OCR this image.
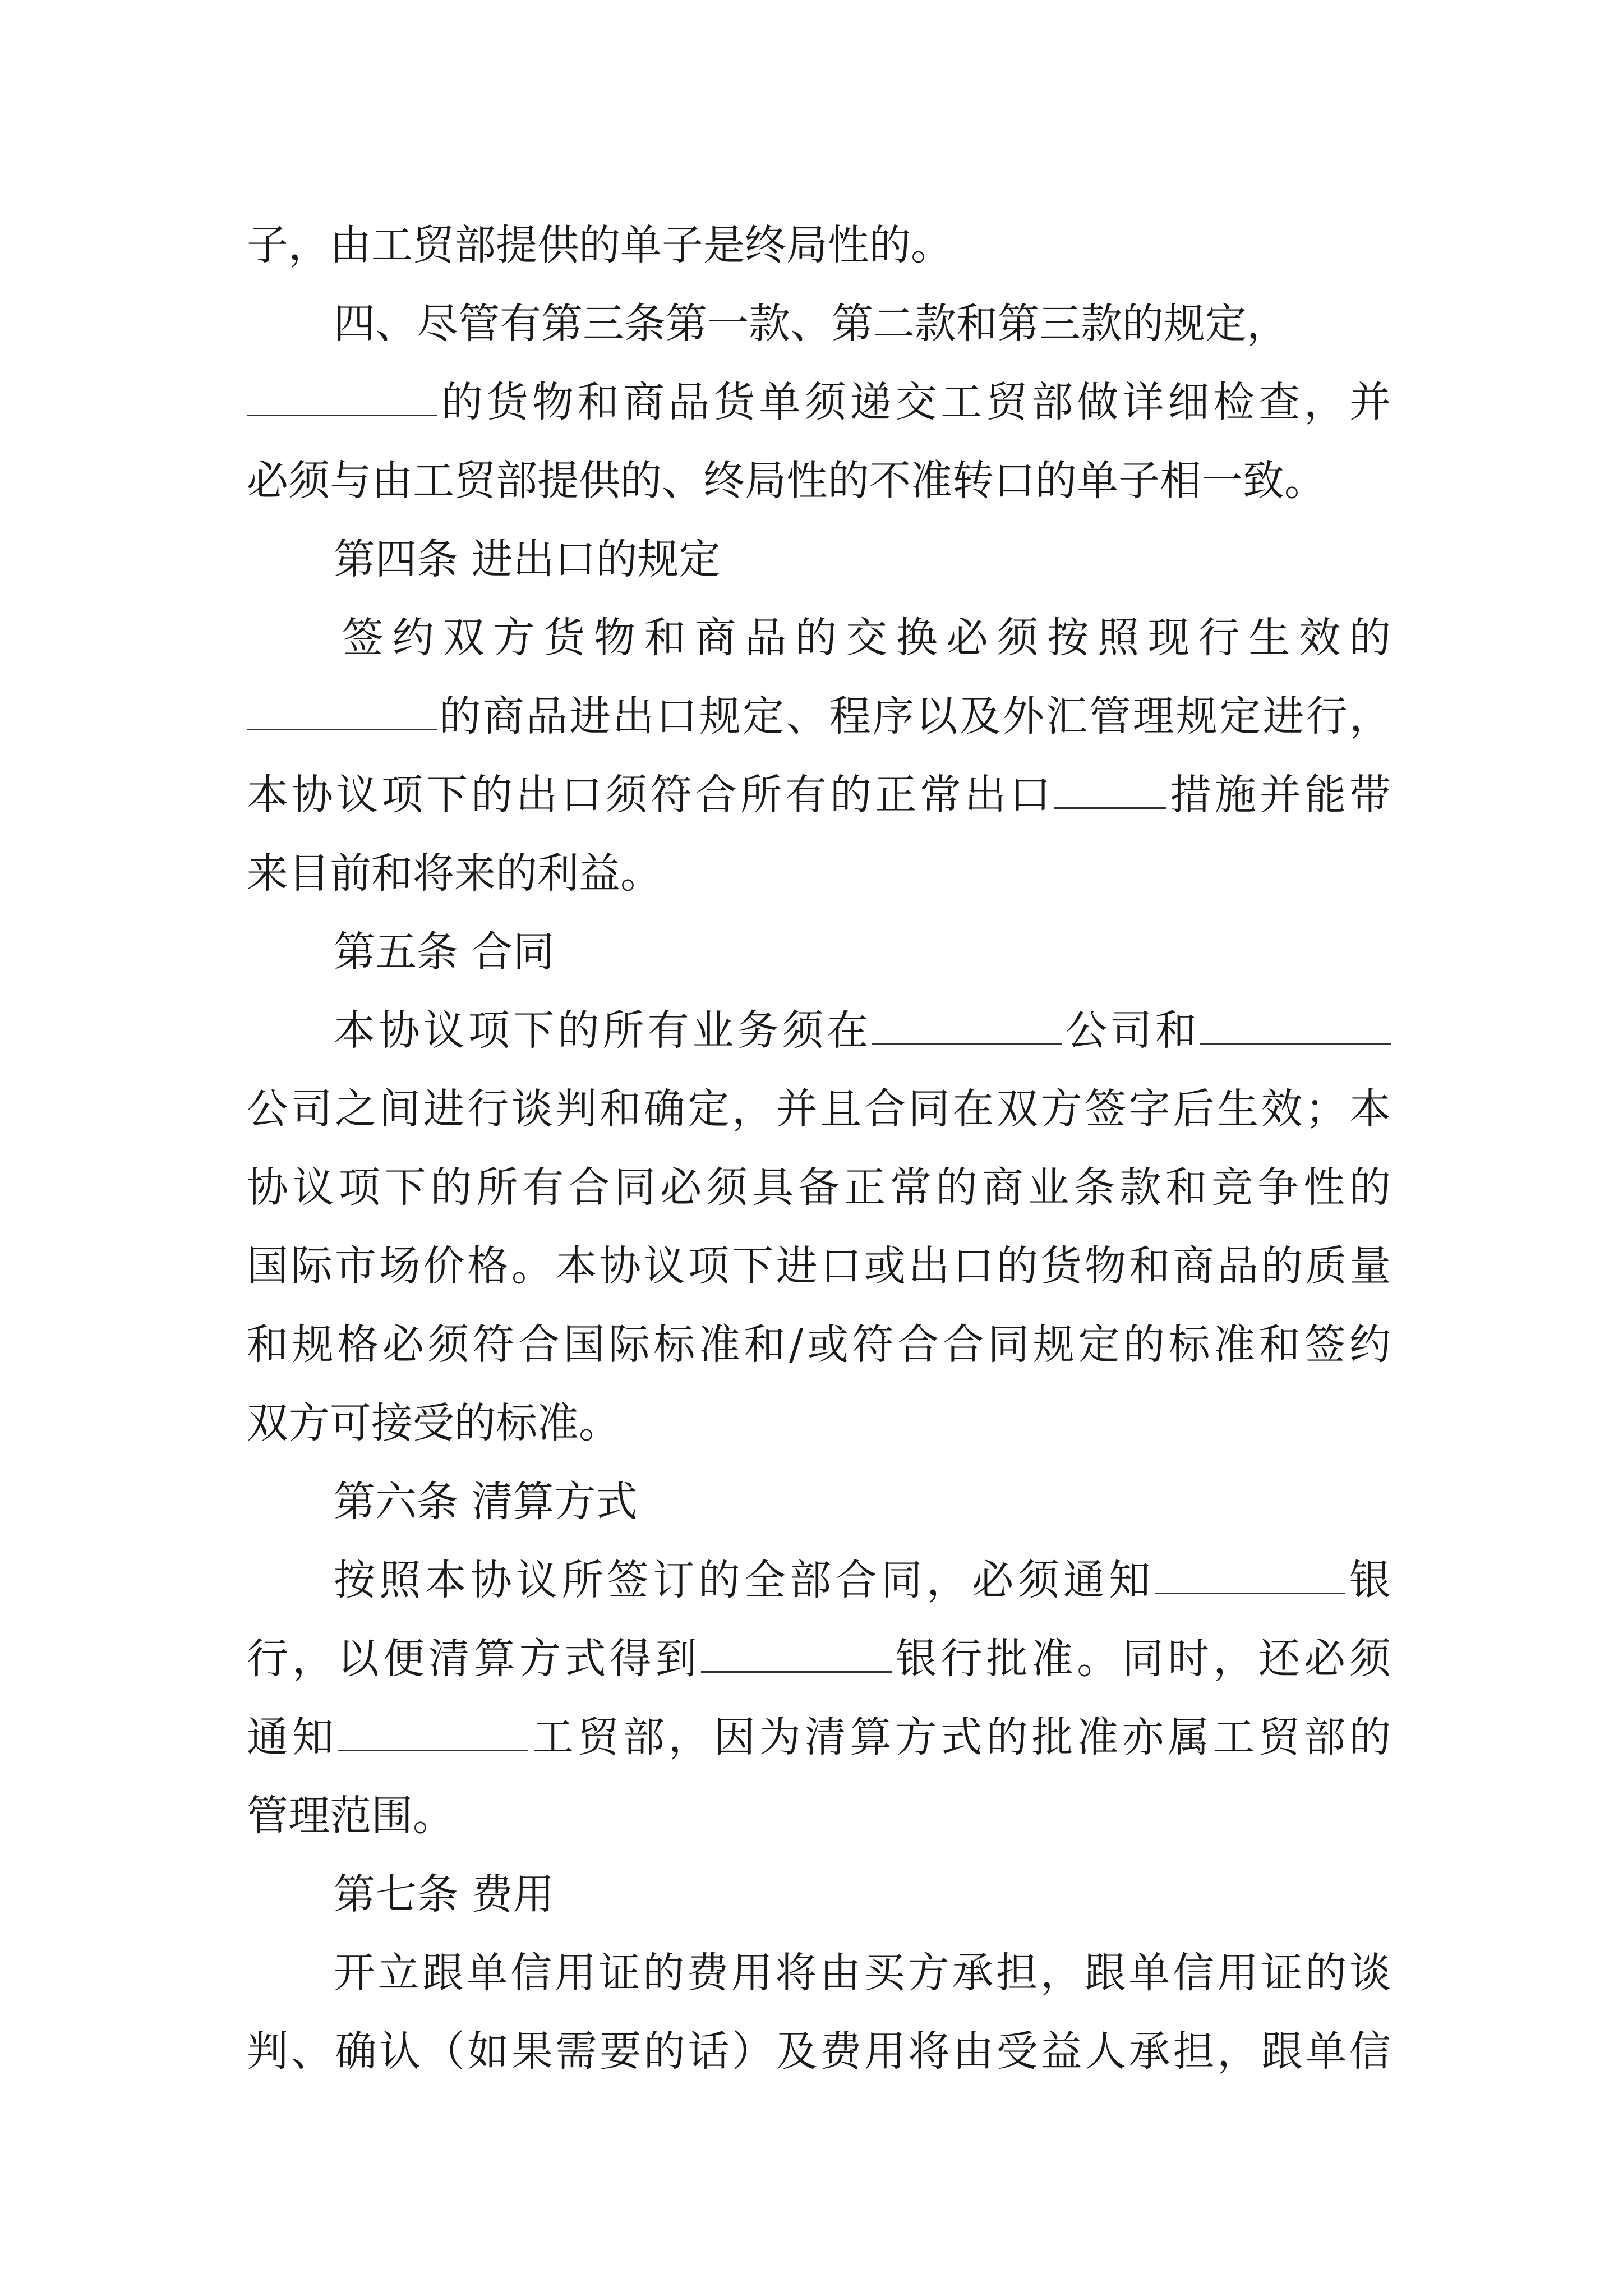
子，由工贸部提供的单子是终局性的。
四、尽管有第三条第一款、第二款和第三款的规定，
的货物和商品货单须递交工贸部做详细检查，并
必须与由工贸部提供的、终局性的不准转口的单子相一致。
第四条 进出口的规定
签约双方货物和商品的交换必须按照现行生效的
的商品进出口规定、程序以及外汇管理规定进行，
本协议项下的出口须符合所有的正常出口	措施并能带
来目前和将来的利益。
第五条 合同
本协议项下的所有业务须在	公司和
公司之间进行谈判和确定，并且合同在双方签字后生效；本
协议项下的所有合同必须具备正常的商业条款和竞争性的
国际市场价格。本协议项下进口或出口的货物和商品的质量
和规格必须符合国际标准和/或符合合同规定的标准和签约
双方可接受的标准。
第六条 清算方式
按照本协议所签订的全部合同，必须通知	银
行，以便清算方式得到	银行批准。同时，还必须
通知	工贸部，因为清算方式的批准亦属工贸部的
管理范围。
第七条 费用
开立跟单信用证的费用将由买方承担，跟单信用证的谈
判、确认（如果需要的话）及费用将由受益人承担，跟单信
